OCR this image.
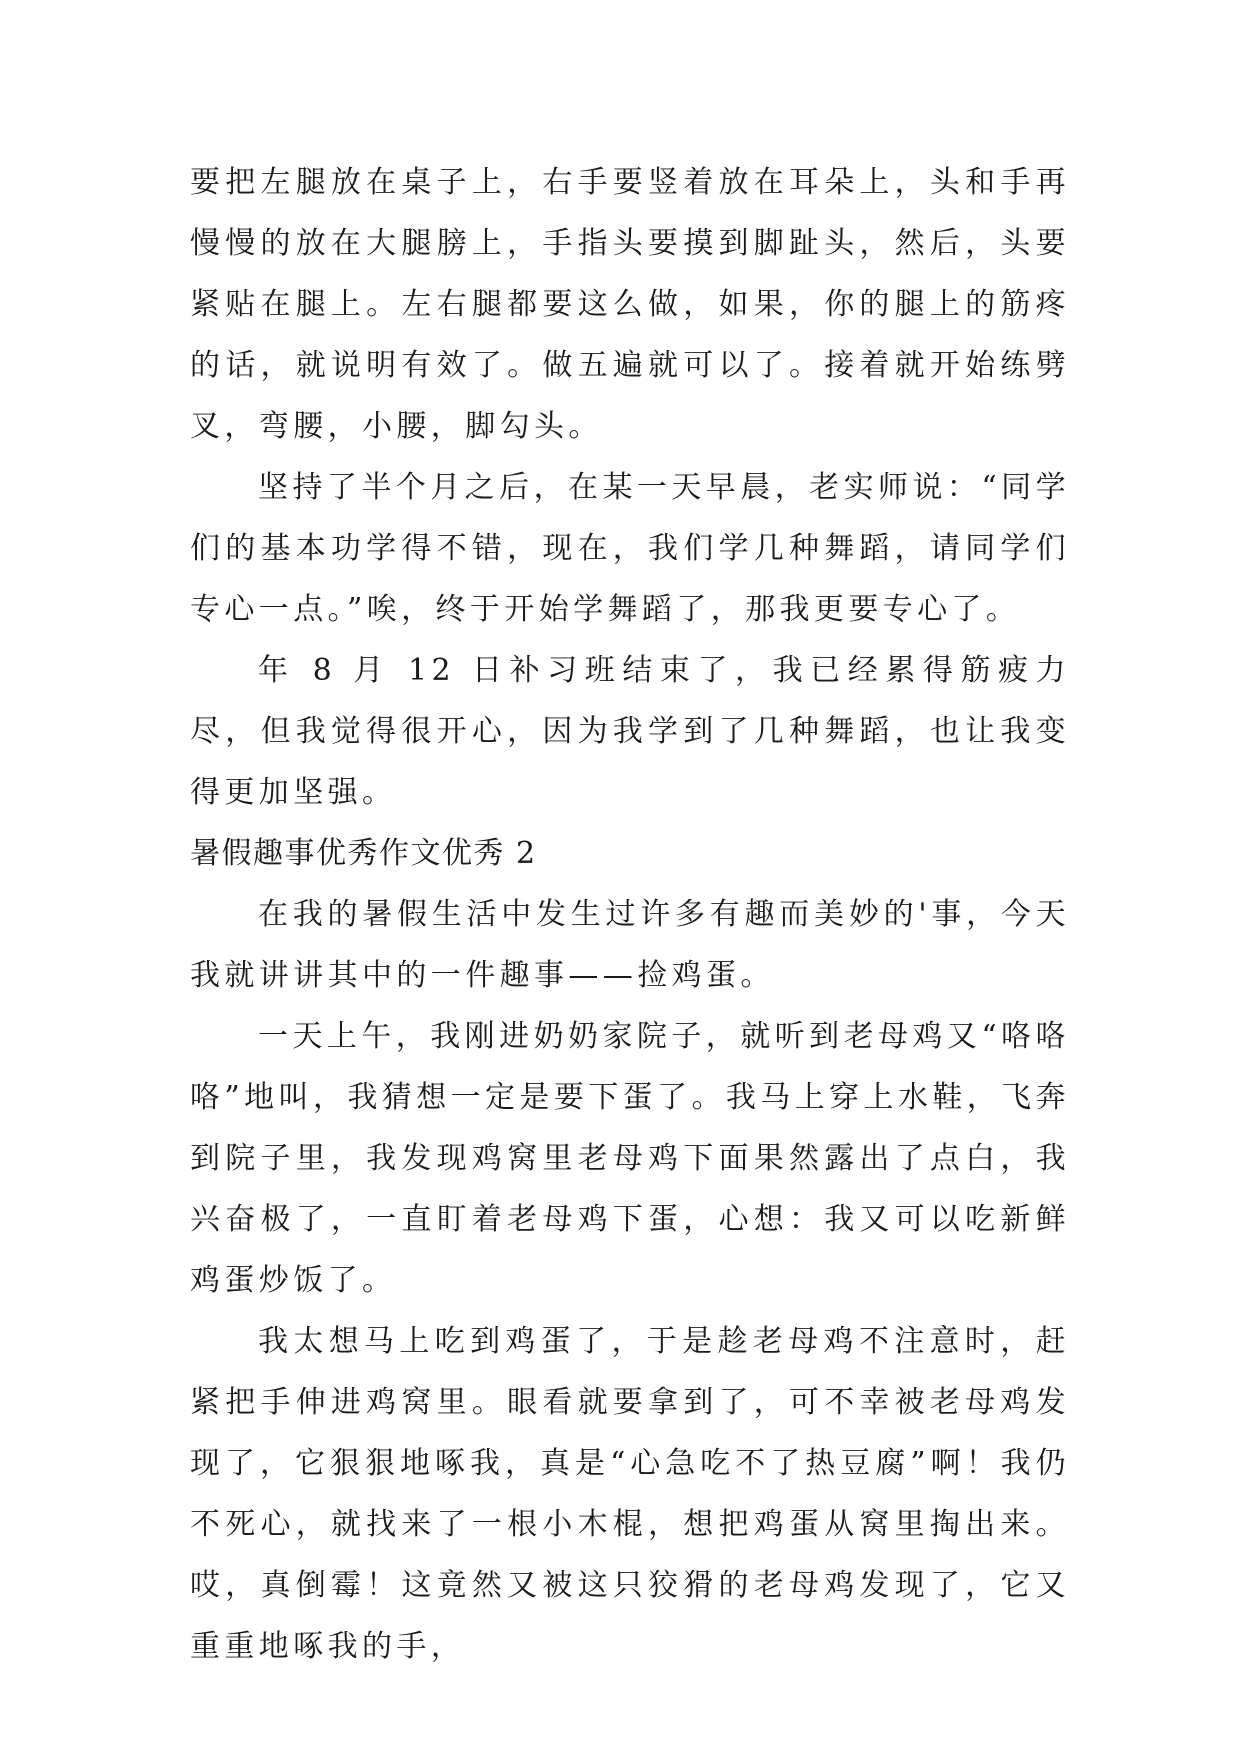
要把左腿放在桌子上，右手要竖着放在耳朵上，头和手再慢慢的放在大腿膀上，手指头要摸到脚趾头，然后，头要紧贴在腿上。左右腿都要这么做，如果，你的腿上的筋疼的话，就说明有效了。做五遍就可以了。接着就开始练劈叉，弯腰，小腰，脚勾头。

坚持了半个月之后，在某一天早晨，老实师说：“同学们的基本功学得不错，现在，我们学几种舞蹈，请同学们专心一点。”唉，终于开始学舞蹈了，那我更要专心了。

年 8 月 12 日补习班结束了，我已经累得筋疲力尽，但我觉得很开心，因为我学到了几种舞蹈，也让我变得更加坚强。

暑假趣事优秀作文优秀 2

在我的暑假生活中发生过许多有趣而美妙的'事，今天我就讲讲其中的一件趣事——捡鸡蛋。

一天上午，我刚进奶奶家院子，就听到老母鸡又“咯咯咯”地叫，我猜想一定是要下蛋了。我马上穿上水鞋，飞奔到院子里，我发现鸡窝里老母鸡下面果然露出了点白，我兴奋极了，一直盯着老母鸡下蛋，心想：我又可以吃新鲜鸡蛋炒饭了。

我太想马上吃到鸡蛋了，于是趁老母鸡不注意时，赶紧把手伸进鸡窝里。眼看就要拿到了，可不幸被老母鸡发现了，它狠狠地啄我，真是“心急吃不了热豆腐”啊！我仍不死心，就找来了一根小木棍，想把鸡蛋从窝里掏出来。哎，真倒霉！这竟然又被这只狡猾的老母鸡发现了，它又重重地啄我的手，
